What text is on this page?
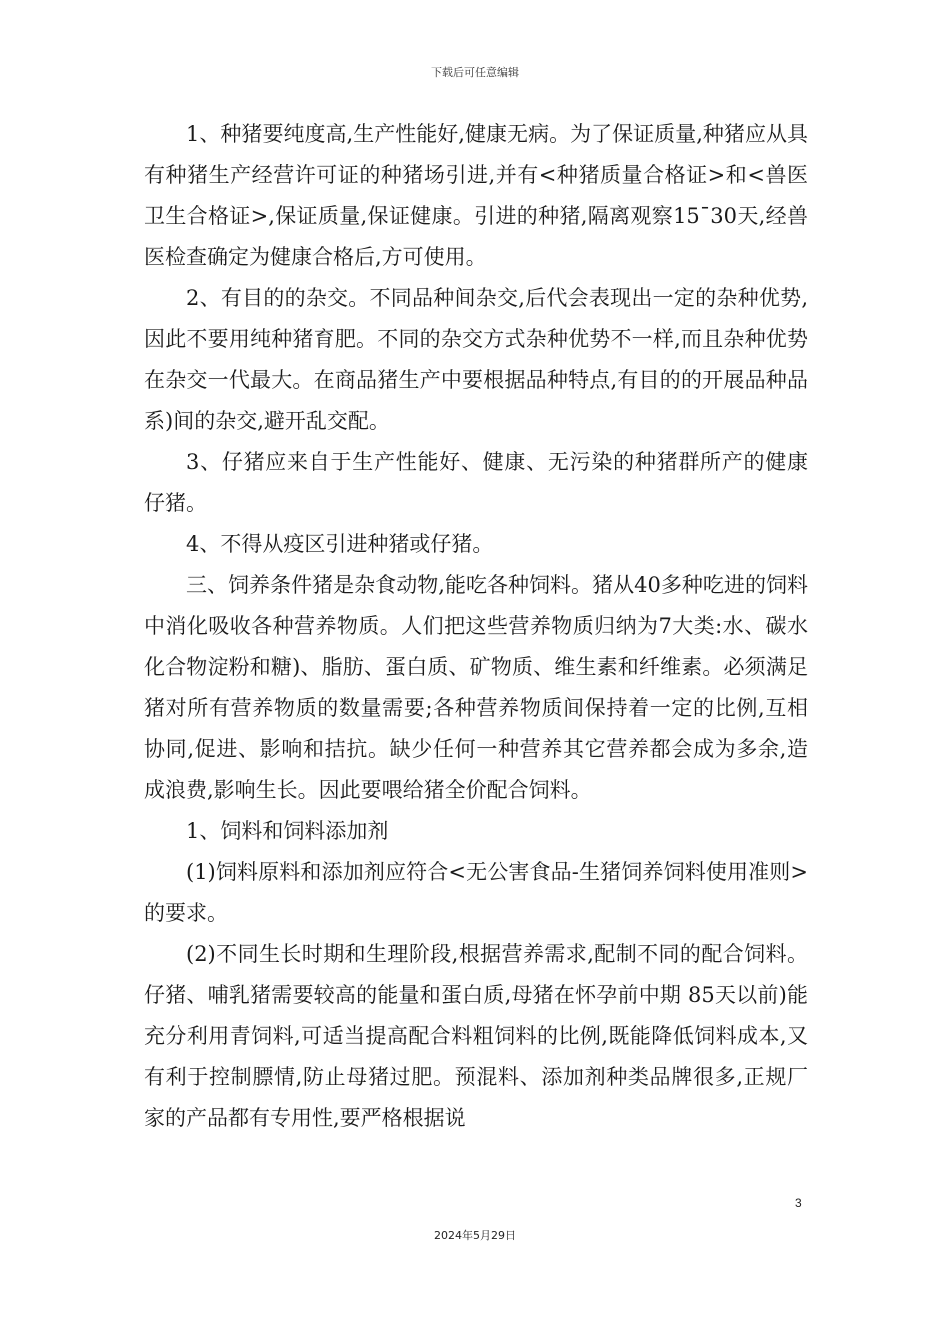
下载后可任意编辑

1、种猪要纯度高,生产性能好,健康无病。为了保证质量,种猪应从具有种猪生产经营许可证的种猪场引进,并有<种猪质量合格证>和<兽医卫生合格证>,保证质量,保证健康。引进的种猪,隔离观察15¯30天,经兽医检查确定为健康合格后,方可使用。

2、有目的的杂交。不同品种间杂交,后代会表现出一定的杂种优势,因此不要用纯种猪育肥。不同的杂交方式杂种优势不一样,而且杂种优势在杂交一代最大。在商品猪生产中要根据品种特点,有目的的开展品种品系)间的杂交,避开乱交配。

3、仔猪应来自于生产性能好、健康、无污染的种猪群所产的健康仔猪。

4、不得从疫区引进种猪或仔猪。

三、饲养条件猪是杂食动物,能吃各种饲料。猪从40多种吃进的饲料中消化吸收各种营养物质。人们把这些营养物质归纳为7大类:水、碳水化合物淀粉和糖)、脂肪、蛋白质、矿物质、维生素和纤维素。必须满足猪对所有营养物质的数量需要;各种营养物质间保持着一定的比例,互相协同,促进、影响和拮抗。缺少任何一种营养其它营养都会成为多余,造成浪费,影响生长。因此要喂给猪全价配合饲料。

1、饲料和饲料添加剂

(1)饲料原料和添加剂应符合<无公害食品-生猪饲养饲料使用准则>的要求。

(2)不同生长时期和生理阶段,根据营养需求,配制不同的配合饲料。仔猪、哺乳猪需要较高的能量和蛋白质,母猪在怀孕前中期 85天以前)能充分利用青饲料,可适当提高配合料粗饲料的比例,既能降低饲料成本,又有利于控制膘情,防止母猪过肥。预混料、添加剂种类品牌很多,正规厂家的产品都有专用性,要严格根据说

3
2024年5月29日
